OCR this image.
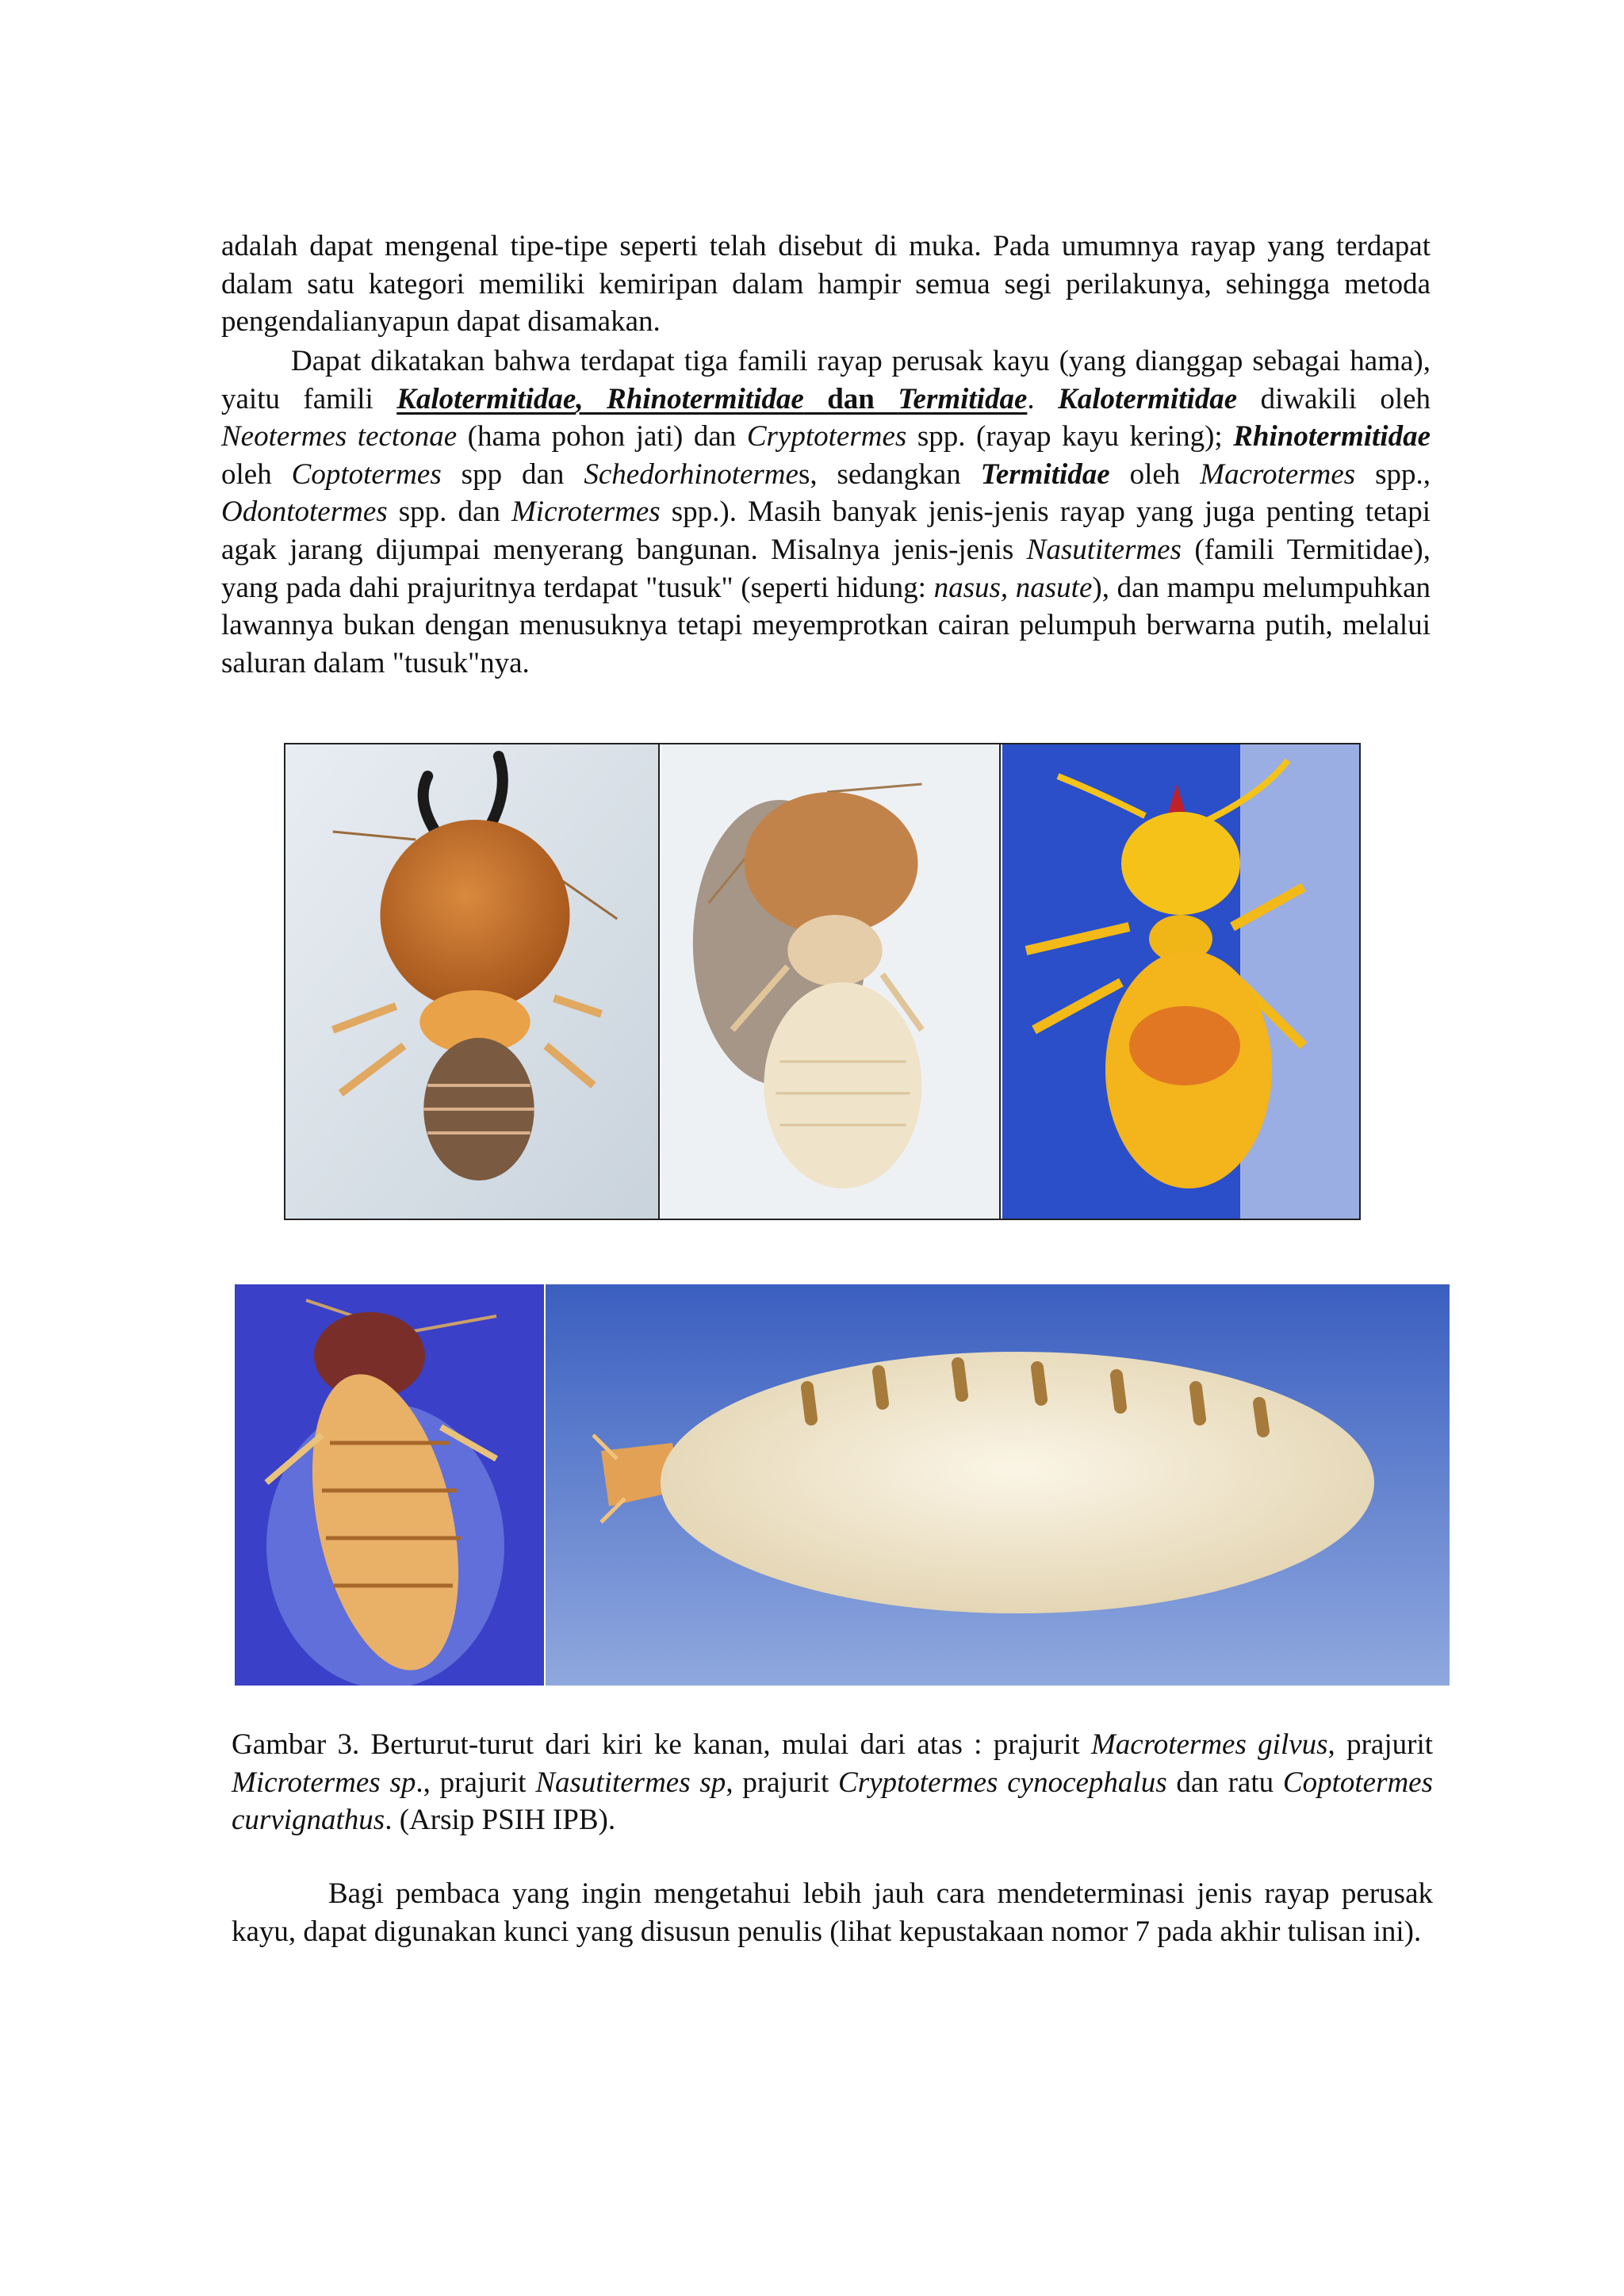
adalah dapat mengenal tipe-tipe seperti telah disebut di muka. Pada umumnya rayap yang terdapat dalam satu kategori memiliki kemiripan dalam hampir semua segi perilakunya, sehingga metoda pengendalianyapun dapat disamakan.

Dapat dikatakan bahwa terdapat tiga famili rayap perusak kayu (yang dianggap sebagai hama), yaitu famili Kalotermitidae, Rhinotermitidae dan Termitidae. Kalotermitidae diwakili oleh Neotermes tectonae (hama pohon jati) dan Cryptotermes spp. (rayap kayu kering); Rhinotermitidae oleh Coptotermes spp dan Schedorhinotermes, sedangkan Termitidae oleh Macrotermes spp., Odontotermes spp. dan Microtermes spp.). Masih banyak jenis-jenis rayap yang juga penting tetapi agak jarang dijumpai menyerang bangunan. Misalnya jenis-jenis Nasutitermes (famili Termitidae), yang pada dahi prajuritnya terdapat "tusuk" (seperti hidung: nasus, nasute), dan mampu melumpuhkan lawannya bukan dengan menusuknya tetapi meyemprotkan cairan pelumpuh berwarna putih, melalui saluran dalam "tusuk"nya.

Gambar 3. Berturut-turut dari kiri ke kanan, mulai dari atas : prajurit Macrotermes gilvus, prajurit Microtermes sp., prajurit Nasutitermes sp, prajurit Cryptotermes cynocephalus dan ratu Coptotermes curvignathus. (Arsip PSIH IPB).

Bagi pembaca yang ingin mengetahui lebih jauh cara mendeterminasi jenis rayap perusak kayu, dapat digunakan kunci yang disusun penulis (lihat kepustakaan nomor 7 pada akhir tulisan ini).
